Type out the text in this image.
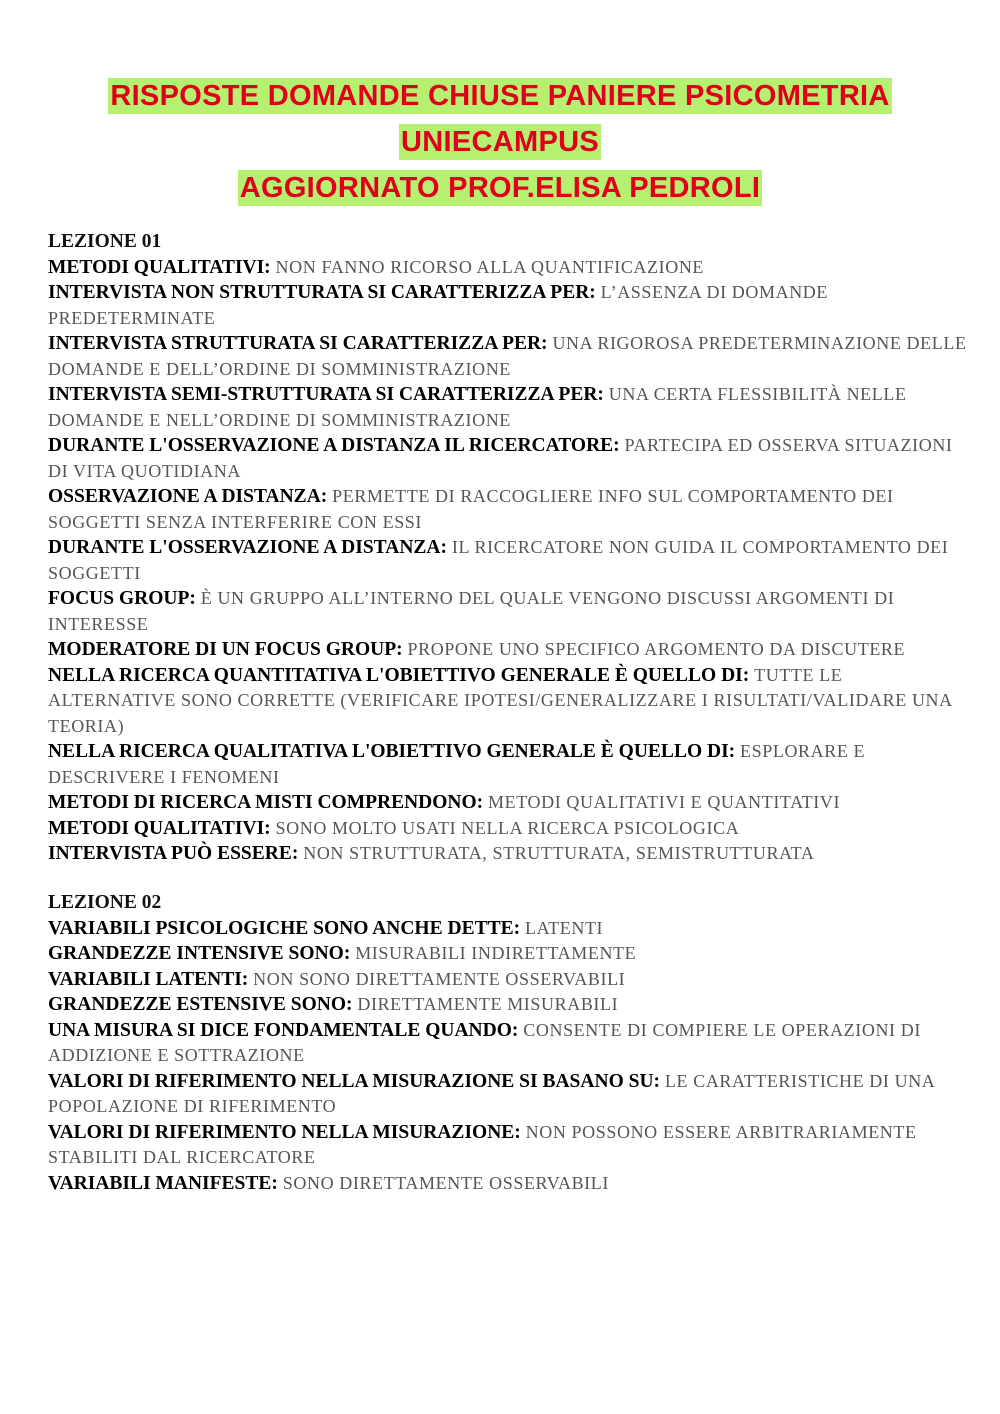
RISPOSTE DOMANDE CHIUSE PANIERE PSICOMETRIA
UNIECAMPUS
AGGIORNATO PROF.ELISA PEDROLI
LEZIONE 01
METODI QUALITATIVI: NON FANNO RICORSO ALLA QUANTIFICAZIONE
INTERVISTA NON STRUTTURATA SI CARATTERIZZA PER: L’ASSENZA DI DOMANDE PREDETERMINATE
INTERVISTA STRUTTURATA SI CARATTERIZZA PER: UNA RIGOROSA PREDETERMINAZIONE DELLE DOMANDE E DELL’ORDINE DI SOMMINISTRAZIONE
INTERVISTA SEMI-STRUTTURATA SI CARATTERIZZA PER: UNA CERTA FLESSIBILITÀ NELLE DOMANDE E NELL’ORDINE DI SOMMINISTRAZIONE
DURANTE L'OSSERVAZIONE A DISTANZA IL RICERCATORE: PARTECIPA ED OSSERVA SITUAZIONI DI VITA QUOTIDIANA
OSSERVAZIONE A DISTANZA: PERMETTE DI RACCOGLIERE INFO SUL COMPORTAMENTO DEI SOGGETTI SENZA INTERFERIRE CON ESSI
DURANTE L'OSSERVAZIONE A DISTANZA: IL RICERCATORE NON GUIDA IL COMPORTAMENTO DEI SOGGETTI
FOCUS GROUP: È UN GRUPPO ALL’INTERNO DEL QUALE VENGONO DISCUSSI ARGOMENTI DI INTERESSE
MODERATORE DI UN FOCUS GROUP: PROPONE UNO SPECIFICO ARGOMENTO DA DISCUTERE
NELLA RICERCA QUANTITATIVA L'OBIETTIVO GENERALE È QUELLO DI: TUTTE LE ALTERNATIVE SONO CORRETTE (VERIFICARE IPOTESI/GENERALIZZARE I RISULTATI/VALIDARE UNA TEORIA)
NELLA RICERCA QUALITATIVA L'OBIETTIVO GENERALE È QUELLO DI: ESPLORARE E DESCRIVERE I FENOMENI
METODI DI RICERCA MISTI COMPRENDONO: METODI QUALITATIVI E QUANTITATIVI
METODI QUALITATIVI: SONO MOLTO USATI NELLA RICERCA PSICOLOGICA
INTERVISTA PUÒ ESSERE: NON STRUTTURATA, STRUTTURATA, SEMISTRUTTURATA
LEZIONE 02
VARIABILI PSICOLOGICHE SONO ANCHE DETTE: LATENTI
GRANDEZZE INTENSIVE SONO: MISURABILI INDIRETTAMENTE
VARIABILI LATENTI: NON SONO DIRETTAMENTE OSSERVABILI
GRANDEZZE ESTENSIVE SONO: DIRETTAMENTE MISURABILI
UNA MISURA SI DICE FONDAMENTALE QUANDO: CONSENTE DI COMPIERE LE OPERAZIONI DI ADDIZIONE E SOTTRAZIONE
VALORI DI RIFERIMENTO NELLA MISURAZIONE SI BASANO SU: LE CARATTERISTICHE DI UNA POPOLAZIONE DI RIFERIMENTO
VALORI DI RIFERIMENTO NELLA MISURAZIONE: NON POSSONO ESSERE ARBITRARIAMENTE STABILITI DAL RICERCATORE
VARIABILI MANIFESTE: SONO DIRETTAMENTE OSSERVABILI
